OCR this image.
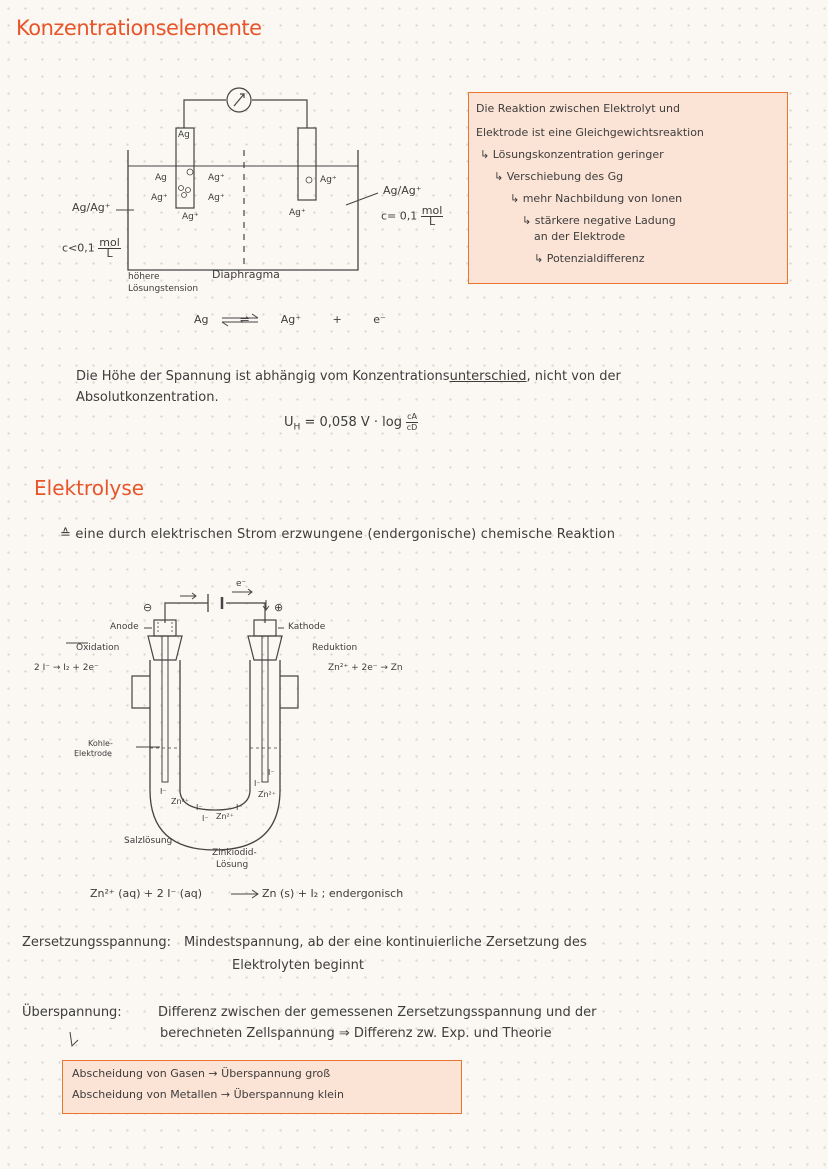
Konzentrationselemente
Ag
Ag	Ag⁺
Ag⁺	Ag⁺
Ag⁺
Ag⁺
Ag⁺
Ag/Ag⁺
$c<0,1 \frac{\text{mol}}{L}$
Ag/Ag⁺
$c= 0,1 \frac{\text{mol}}{L}$
höhere
Lösungstension
Diaphragma
Ag ⇌ Ag⁺ + e⁻
Die Reaktion zwischen Elektrolyt und
Elektrode ist eine Gleichgewichtsreaktion
↳ Lösungskonzentration geringer
↳ Verschiebung des Gg
↳ mehr Nachbildung von Ionen
↳ stärkere negative Ladung
an der Elektrode
↳ Potenzialdifferenz
Die Höhe der Spannung ist abhängig vom Konzentrationsunterschied, nicht von der
Absolutkonzentration.
$U_H = 0,058$ $V \cdot \log \frac{cA}{cD}$
Elektrolyse
≙ eine durch elektrischen Strom erzwungene (endergonische) chemische Reaktion
⊖	⊕
e⁻
Anode	Kathode
Oxidation
2 I⁻ → I₂ + 2e⁻
Reduktion
Zn²⁺ + 2e⁻ → Zn
Kohle-
Elektrode
I⁻
Zn²⁺
I⁻
I⁻ Zn²⁺
I⁻
I⁻
Zn²⁺
I⁻
Salzlösung
Zinkiodid-
Lösung
Zn²⁺ (aq) + 2 I⁻ (aq)	Zn (s) + I₂ ; endergonisch
Zersetzungsspannung: Mindestspannung, ab der eine kontinuierliche Zersetzung des
Elektrolyten beginnt
Überspannung:	Differenz zwischen der gemessenen Zersetzungsspannung und der
berechneten Zellspannung ⇒ Differenz zw. Exp. und Theorie
Abscheidung von Gasen → Überspannung groß
Abscheidung von Metallen → Überspannung klein
